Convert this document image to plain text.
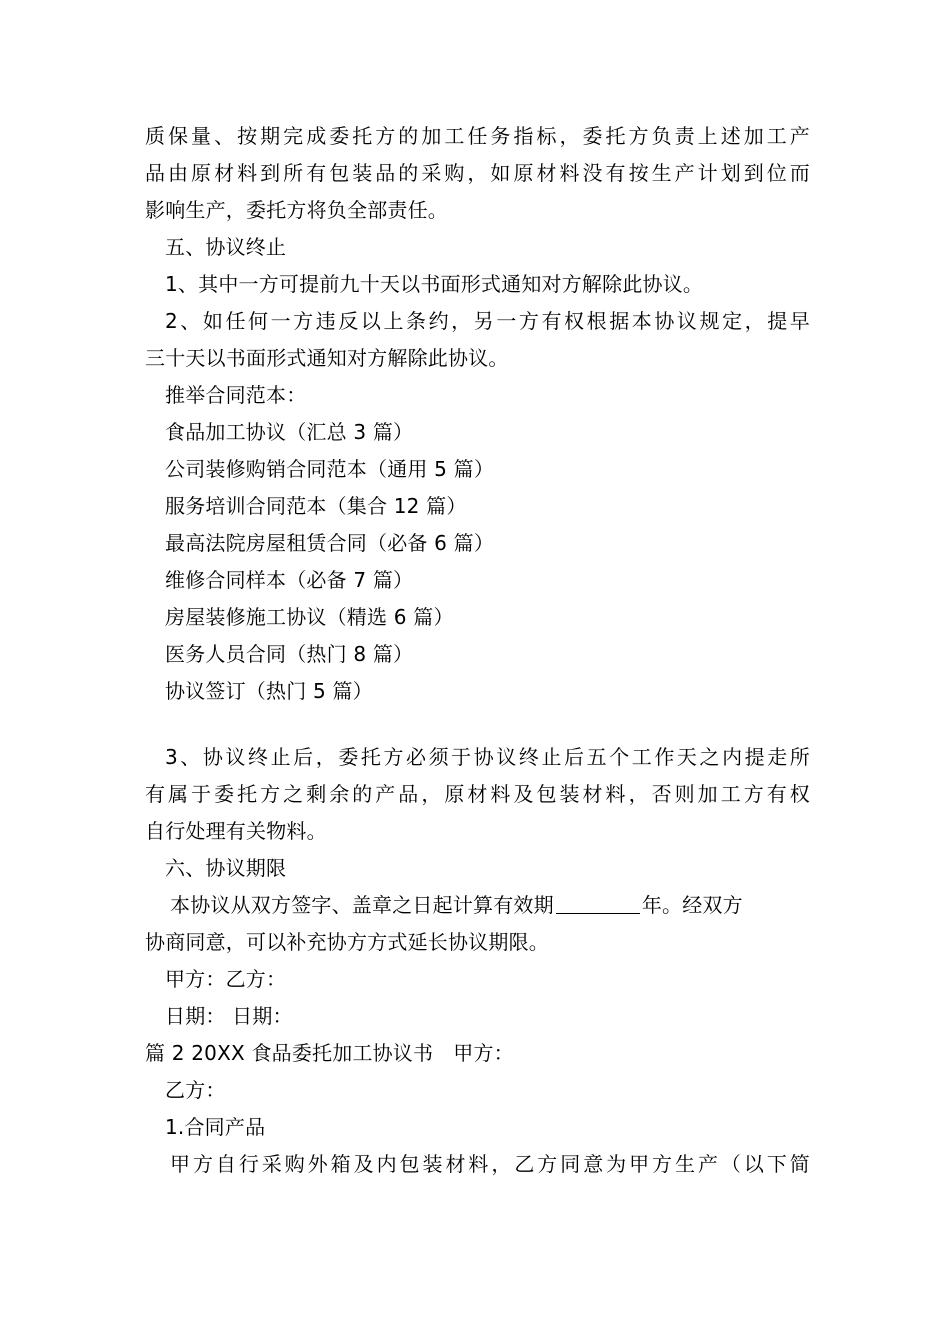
质保量、按期完成委托方的加工任务指标，委托方负责上述加工产
品由原材料到所有包装品的采购，如原材料没有按生产计划到位而
影响生产，委托方将负全部责任。
五、协议终止
1、其中一方可提前九十天以书面形式通知对方解除此协议。
2、如任何一方违反以上条约，另一方有权根据本协议规定，提早
三十天以书面形式通知对方解除此协议。
推举合同范本：
食品加工协议（汇总 3 篇）
公司装修购销合同范本（通用 5 篇）
服务培训合同范本（集合 12 篇）
最高法院房屋租赁合同（必备 6 篇）
维修合同样本（必备 7 篇）
房屋装修施工协议（精选 6 篇）
医务人员合同（热门 8 篇）
协议签订（热门 5 篇）
3、协议终止后，委托方必须于协议终止后五个工作天之内提走所
有属于委托方之剩余的产品，原材料及包装材料，否则加工方有权
自行处理有关物料。
六、协议期限
本协议从双方签字、盖章之日起计算有效期	年。经双方
协商同意，可以补充协方方式延长协议期限。
甲方：乙方：
日期： 日期：
篇 2 20XX 食品委托加工协议书 甲方：
乙方：
1.合同产品
甲方自行采购外箱及内包装材料，乙方同意为甲方生产（以下简
